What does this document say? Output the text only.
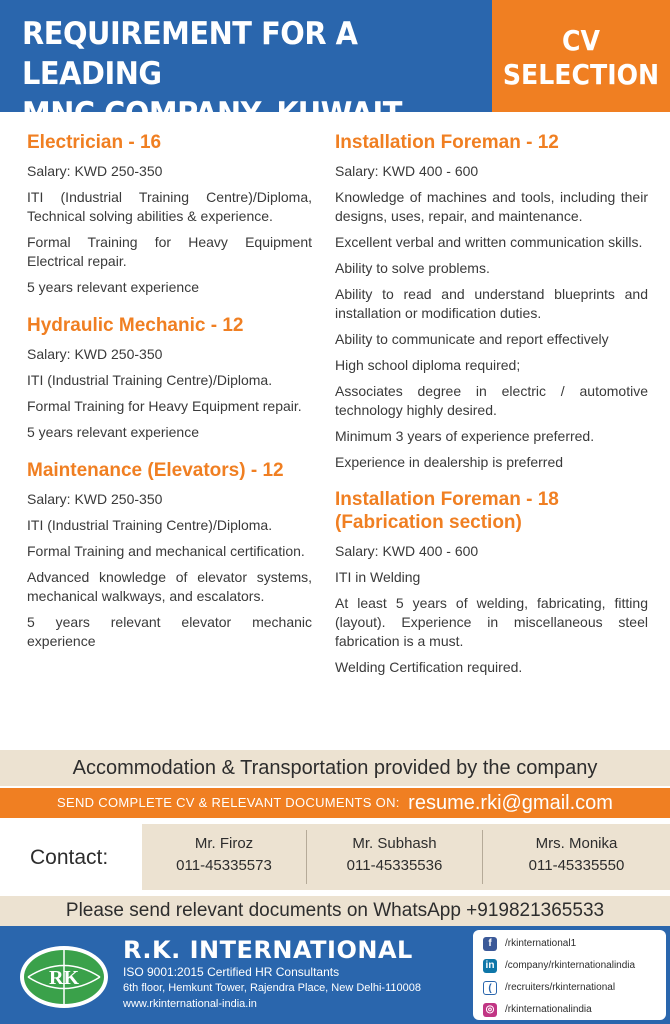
REQUIREMENT FOR A LEADING
MNC COMPANY, KUWAIT
CV
SELECTION
Electrician - 16

Salary: KWD 250-350

ITI (Industrial Training Centre)/Diploma, Technical solving abilities & experience.

Formal Training for Heavy Equipment Electrical repair.

5 years relevant experience

Hydraulic Mechanic - 12

Salary: KWD 250-350

ITI (Industrial Training Centre)/Diploma.

Formal Training for Heavy Equipment repair.

5 years relevant experience

Maintenance (Elevators) - 12

Salary: KWD 250-350

ITI (Industrial Training Centre)/Diploma.

Formal Training and mechanical certification.

Advanced knowledge of elevator systems, mechanical walkways, and escalators.

5 years relevant elevator mechanic experience

Installation Foreman - 12

Salary: KWD 400 - 600

Knowledge of machines and tools, including their designs, uses, repair, and maintenance.

Excellent verbal and written communication skills.

Ability to solve problems.

Ability to read and understand blueprints and installation or modification duties.

Ability to communicate and report effectively

High school diploma required;

Associates degree in electric / automotive technology highly desired.

Minimum 3 years of experience preferred.

Experience in dealership is preferred

Installation Foreman - 18 (Fabrication section)

Salary: KWD 400 - 600

ITI in Welding

At least 5 years of welding, fabricating, fitting (layout). Experience in miscellaneous steel fabrication is a must.

Welding Certification required.

Accommodation & Transportation provided by the company
SEND COMPLETE CV & RELEVANT DOCUMENTS ON: resume.rki@gmail.com
Contact:
Mr. Firoz
011-45335573
Mr. Subhash
011-45335536
Mrs. Monika
011-45335550
Please send relevant documents on WhatsApp +919821365533
RK
R.K. INTERNATIONAL
ISO 9001:2015 Certified HR Consultants
6th floor, Hemkunt Tower, Rajendra Place, New Delhi-110008
www.rkinternational-india.in
f /rkinternational1
in /company/rkinternationalindia
( /recruiters/rkinternational
◎ /rkinternationalindia
